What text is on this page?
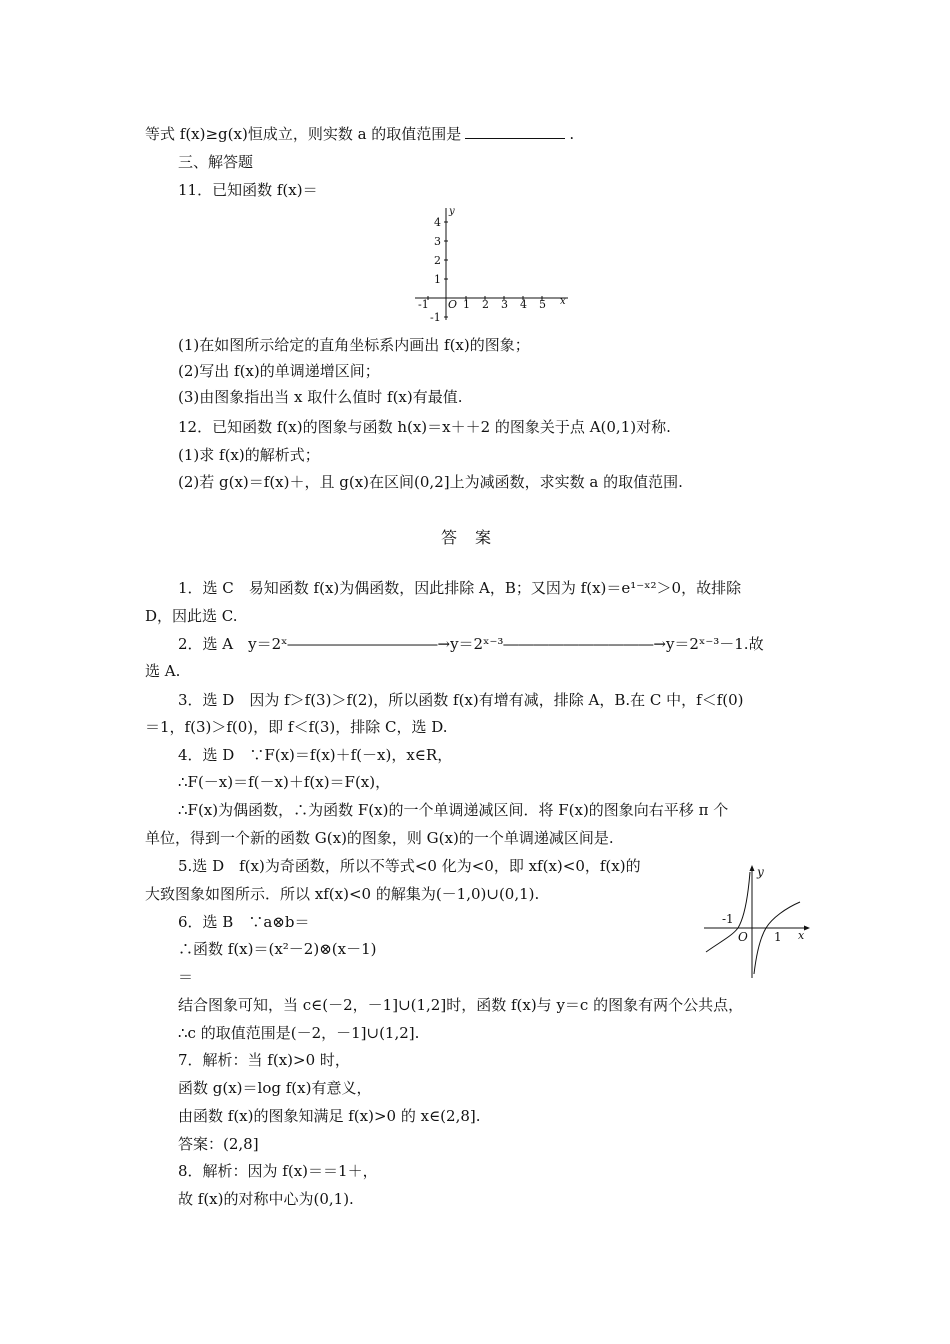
等式 f(x)≥g(x)恒成立，则实数 a 的取值范围是	.
三、解答题
11．已知函数 f(x)＝
-1 O 1 2 3 4 5 x
4
3
2
1
-1
y
(1)在如图所示给定的直角坐标系内画出 f(x)的图象；
(2)写出 f(x)的单调递增区间；
(3)由图象指出当 x 取什么值时 f(x)有最值.
12．已知函数 f(x)的图象与函数 h(x)＝x＋＋2 的图象关于点 A(0,1)对称.
(1)求 f(x)的解析式；
(2)若 g(x)＝f(x)＋，且 g(x)在区间(0,2]上为减函数，求实数 a 的取值范围.
答案
1．选 C　易知函数 f(x)为偶函数，因此排除 A，B；又因为 f(x)＝e¹⁻ˣ²＞0，故排除
D，因此选 C.
2．选 A　y＝2ˣ――――――――――→y＝2ˣ⁻³――――――――――→y＝2ˣ⁻³－1.故
选 A.
3．选 D　因为 f＞f(3)＞f(2)，所以函数 f(x)有增有减，排除 A，B.在 C 中，f＜f(0)
＝1，f(3)＞f(0)，即 f＜f(3)，排除 C，选 D.
4．选 D　∵F(x)＝f(x)＋f(－x)，x∈R，
∴F(－x)＝f(－x)＋f(x)＝F(x)，
∴F(x)为偶函数，∴为函数 F(x)的一个单调递减区间．将 F(x)的图象向右平移 π 个
单位，得到一个新的函数 G(x)的图象，则 G(x)的一个单调递减区间是.
5.选 D　f(x)为奇函数，所以不等式<0 化为<0，即 xf(x)<0，f(x)的
大致图象如图所示．所以 xf(x)<0 的解集为(－1,0)∪(0,1).
6．选 B　∵a⊗b＝
∴函数 f(x)＝(x²－2)⊗(x－1)
＝
结合图象可知，当 c∈(－2，－1]∪(1,2]时，函数 f(x)与 y＝c 的图象有两个公共点，
∴c 的取值范围是(－2，－1]∪(1,2].
7．解析：当 f(x)>0 时，
函数 g(x)＝log f(x)有意义，
由函数 f(x)的图象知满足 f(x)>0 的 x∈(2,8].
答案：(2,8]
8．解析：因为 f(x)＝＝1＋，
故 f(x)的对称中心为(0,1).
y
-1
O 1 x
